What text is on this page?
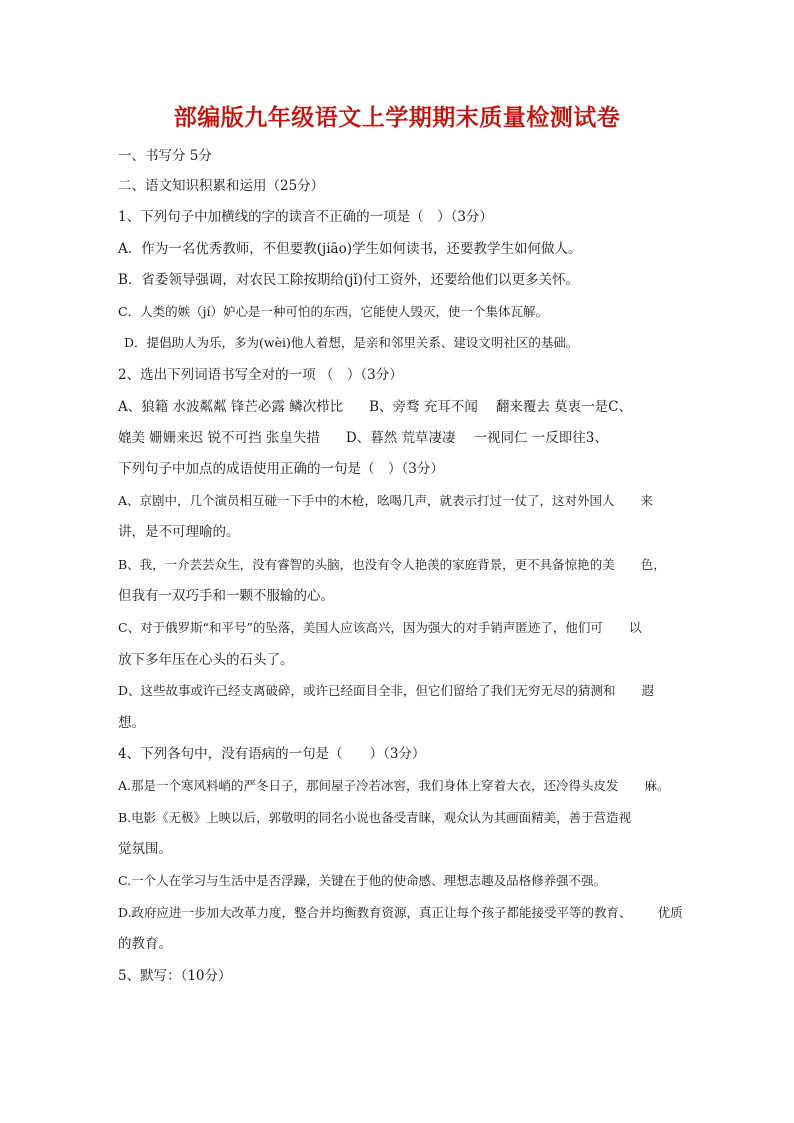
部编版九年级语文上学期期末质量检测试卷

一、书写分 5分

二、语文知识积累和运用（25分）

1、下列句子中加横线的字的读音不正确的一项是（　）（3分）

A．作为一名优秀教师，不但要教(jiāo)学生如何读书，还要教学生如何做人。

B．省委领导强调，对农民工除按期给(jǐ)付工资外，还要给他们以更多关怀。

C．人类的嫉（jí）妒心是一种可怕的东西，它能使人毁灭，使一个集体瓦解。

D．提倡助人为乐，多为(wèi)他人着想，是亲和邻里关系、建设文明社区的基础。

2、选出下列词语书写全对的一项 （　）（3分）

A、狼籍 水波粼粼 锋芒必露 鳞次栉比 B、旁骛 充耳不闻 翻来覆去 莫衷一是C、

媲美 姗姗来迟 锐不可挡 张皇失措 D、暮然 荒草凄凄 一视同仁 一反即往3、

下列句子中加点的成语使用正确的一句是（　）（3分）

A、京剧中，几个演员相互碰一下手中的木枪，吆喝几声，就表示打过一仗了，这对外国人 来

讲，是不可理喻的。

B、我，一介芸芸众生，没有睿智的头脑，也没有令人艳羡的家庭背景，更不具备惊艳的美 色，

但我有一双巧手和一颗不服输的心。

C、对于俄罗斯“和平号”的坠落，美国人应该高兴，因为强大的对手销声匿迹了，他们可 以

放下多年压在心头的石头了。

D、这些故事或许已经支离破碎，或许已经面目全非，但它们留给了我们无穷无尽的猜测和 遐

想。

4、下列各句中，没有语病的一句是（　　）（3分）

A.那是一个寒风料峭的严冬日子，那间屋子冷若冰窖，我们身体上穿着大衣，还冷得头皮发 麻。

B.电影《无极》上映以后，郭敬明的同名小说也备受青睐，观众认为其画面精美，善于营造视

觉氛围。

C.一个人在学习与生活中是否浮躁，关键在于他的使命感、理想志趣及品格修养强不强。

D.政府应进一步加大改革力度，整合并均衡教育资源，真正让每个孩子都能接受平等的教育、 优质

的教育。

5、默写：（10分）
